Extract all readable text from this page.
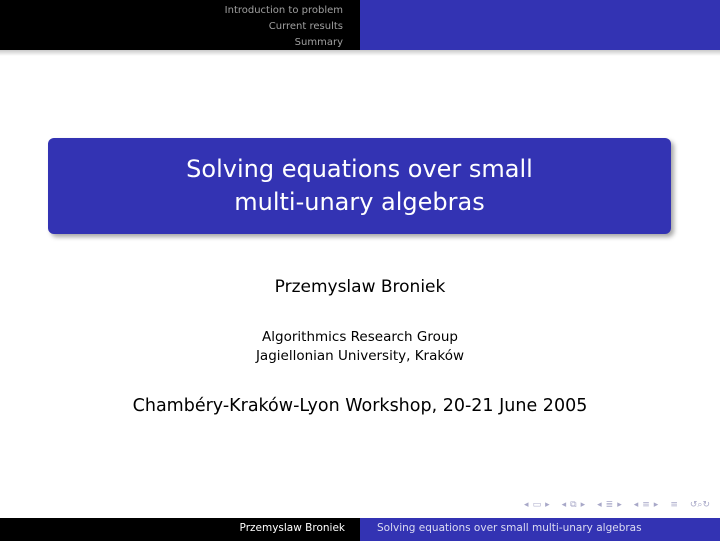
Introduction to problem
Current results
Summary
Solving equations over small
multi-unary algebras
Przemyslaw Broniek
Algorithmics Research Group
Jagiellonian University, Kraków
Chambéry-Kraków-Lyon Workshop, 20-21 June 2005
◂ ▭ ▸ ◂ ⧉ ▸ ◂ ≣ ▸ ◂ ≡ ▸ ≡ ↺⌕↻
Przemyslaw Broniek	Solving equations over small multi-unary algebras
